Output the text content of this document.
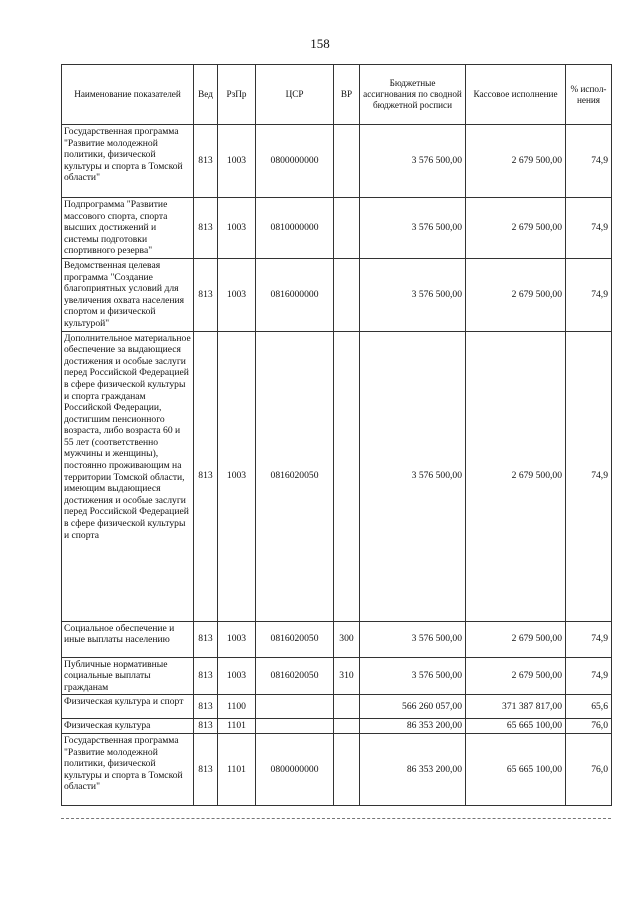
158
Наименование показателей	Вед	РзПр	ЦСР	ВР	Бюджетные ассигнования по сводной бюджетной росписи	Кассовое исполнение	% испол-нения
Государственная программа "Развитие молодежной политики, физической культуры и спорта в Томской области"	813	1003	0800000000		3 576 500,00	2 679 500,00	74,9
Подпрограмма "Развитие массового спорта, спорта высших достижений и системы подготовки спортивного резерва"	813	1003	0810000000		3 576 500,00	2 679 500,00	74,9
Ведомственная целевая программа "Создание благоприятных условий для увеличения охвата населения спортом и физической культурой"	813	1003	0816000000		3 576 500,00	2 679 500,00	74,9
Дополнительное материальное обеспечение за выдающиеся достижения и особые заслуги перед Российской Федерацией в сфере физической культуры и спорта гражданам Российской Федерации, достигшим пенсионного возраста, либо возраста 60 и 55 лет (соответственно мужчины и женщины), постоянно проживающим на территории Томской области, имеющим выдающиеся достижения и особые заслуги перед Российской Федерацией в сфере физической культуры и спорта	813	1003	0816020050		3 576 500,00	2 679 500,00	74,9
Социальное обеспечение и иные выплаты населению	813	1003	0816020050	300	3 576 500,00	2 679 500,00	74,9
Публичные нормативные социальные выплаты гражданам	813	1003	0816020050	310	3 576 500,00	2 679 500,00	74,9
Физическая культура и спорт	813	1100			566 260 057,00	371 387 817,00	65,6
Физическая культура	813	1101			86 353 200,00	65 665 100,00	76,0
Государственная программа "Развитие молодежной политики, физической культуры и спорта в Томской области"	813	1101	0800000000		86 353 200,00	65 665 100,00	76,0
